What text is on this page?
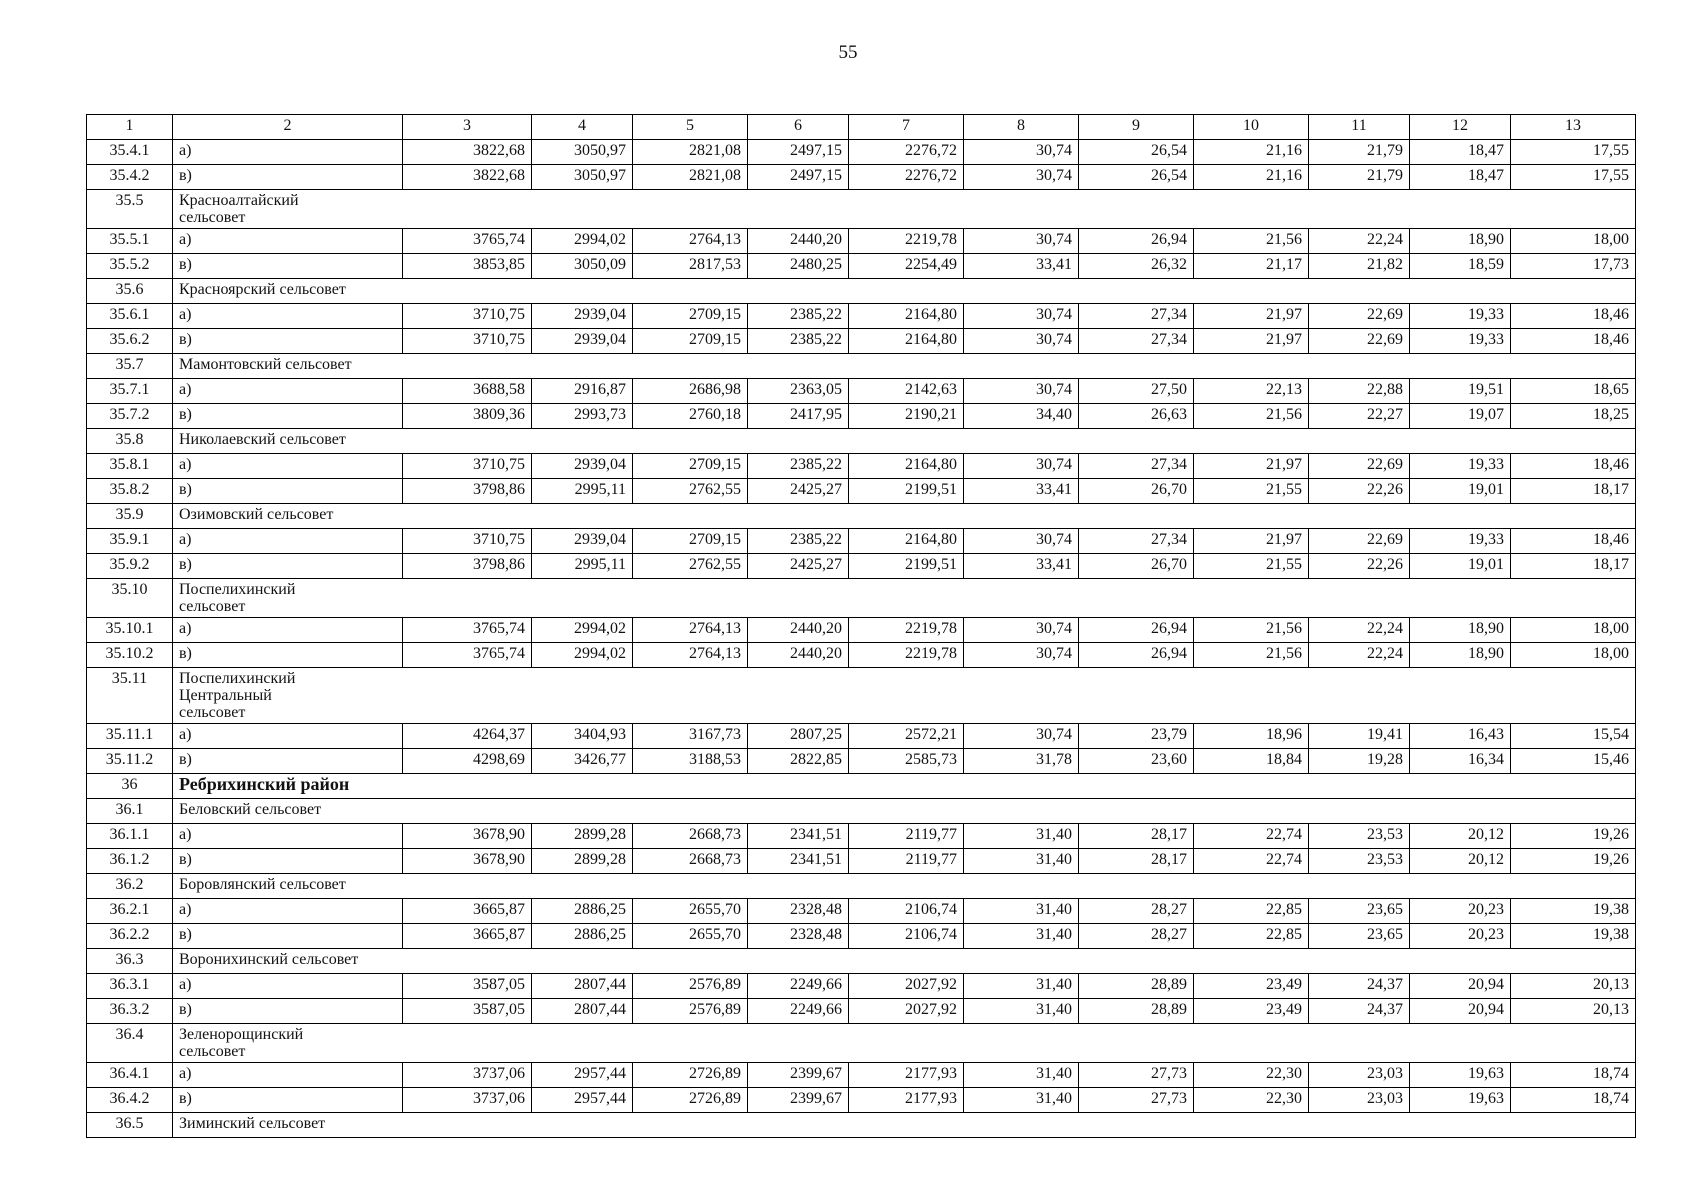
55
1	2	3	4	5	6	7	8	9	10	11	12	13
35.4.1	а)	3822,68	3050,97	2821,08	2497,15	2276,72	30,74	26,54	21,16	21,79	18,47	17,55
35.4.2	в)	3822,68	3050,97	2821,08	2497,15	2276,72	30,74	26,54	21,16	21,79	18,47	17,55
35.5	Красноалтайский сельсовет											
35.5.1	а)	3765,74	2994,02	2764,13	2440,20	2219,78	30,74	26,94	21,56	22,24	18,90	18,00
35.5.2	в)	3853,85	3050,09	2817,53	2480,25	2254,49	33,41	26,32	21,17	21,82	18,59	17,73
35.6	Красноярский сельсовет											
35.6.1	а)	3710,75	2939,04	2709,15	2385,22	2164,80	30,74	27,34	21,97	22,69	19,33	18,46
35.6.2	в)	3710,75	2939,04	2709,15	2385,22	2164,80	30,74	27,34	21,97	22,69	19,33	18,46
35.7	Мамонтовский сельсовет											
35.7.1	а)	3688,58	2916,87	2686,98	2363,05	2142,63	30,74	27,50	22,13	22,88	19,51	18,65
35.7.2	в)	3809,36	2993,73	2760,18	2417,95	2190,21	34,40	26,63	21,56	22,27	19,07	18,25
35.8	Николаевский сельсовет											
35.8.1	а)	3710,75	2939,04	2709,15	2385,22	2164,80	30,74	27,34	21,97	22,69	19,33	18,46
35.8.2	в)	3798,86	2995,11	2762,55	2425,27	2199,51	33,41	26,70	21,55	22,26	19,01	18,17
35.9	Озимовский сельсовет											
35.9.1	а)	3710,75	2939,04	2709,15	2385,22	2164,80	30,74	27,34	21,97	22,69	19,33	18,46
35.9.2	в)	3798,86	2995,11	2762,55	2425,27	2199,51	33,41	26,70	21,55	22,26	19,01	18,17
35.10	Поспелихинский сельсовет											
35.10.1	а)	3765,74	2994,02	2764,13	2440,20	2219,78	30,74	26,94	21,56	22,24	18,90	18,00
35.10.2	в)	3765,74	2994,02	2764,13	2440,20	2219,78	30,74	26,94	21,56	22,24	18,90	18,00
35.11	Поспелихинский Центральный сельсовет											
35.11.1	а)	4264,37	3404,93	3167,73	2807,25	2572,21	30,74	23,79	18,96	19,41	16,43	15,54
35.11.2	в)	4298,69	3426,77	3188,53	2822,85	2585,73	31,78	23,60	18,84	19,28	16,34	15,46
36	Ребрихинский район											
36.1	Беловский сельсовет											
36.1.1	а)	3678,90	2899,28	2668,73	2341,51	2119,77	31,40	28,17	22,74	23,53	20,12	19,26
36.1.2	в)	3678,90	2899,28	2668,73	2341,51	2119,77	31,40	28,17	22,74	23,53	20,12	19,26
36.2	Боровлянский сельсовет											
36.2.1	а)	3665,87	2886,25	2655,70	2328,48	2106,74	31,40	28,27	22,85	23,65	20,23	19,38
36.2.2	в)	3665,87	2886,25	2655,70	2328,48	2106,74	31,40	28,27	22,85	23,65	20,23	19,38
36.3	Воронихинский сельсовет											
36.3.1	а)	3587,05	2807,44	2576,89	2249,66	2027,92	31,40	28,89	23,49	24,37	20,94	20,13
36.3.2	в)	3587,05	2807,44	2576,89	2249,66	2027,92	31,40	28,89	23,49	24,37	20,94	20,13
36.4	Зеленорощинский сельсовет											
36.4.1	а)	3737,06	2957,44	2726,89	2399,67	2177,93	31,40	27,73	22,30	23,03	19,63	18,74
36.4.2	в)	3737,06	2957,44	2726,89	2399,67	2177,93	31,40	27,73	22,30	23,03	19,63	18,74
36.5	Зиминский сельсовет											
